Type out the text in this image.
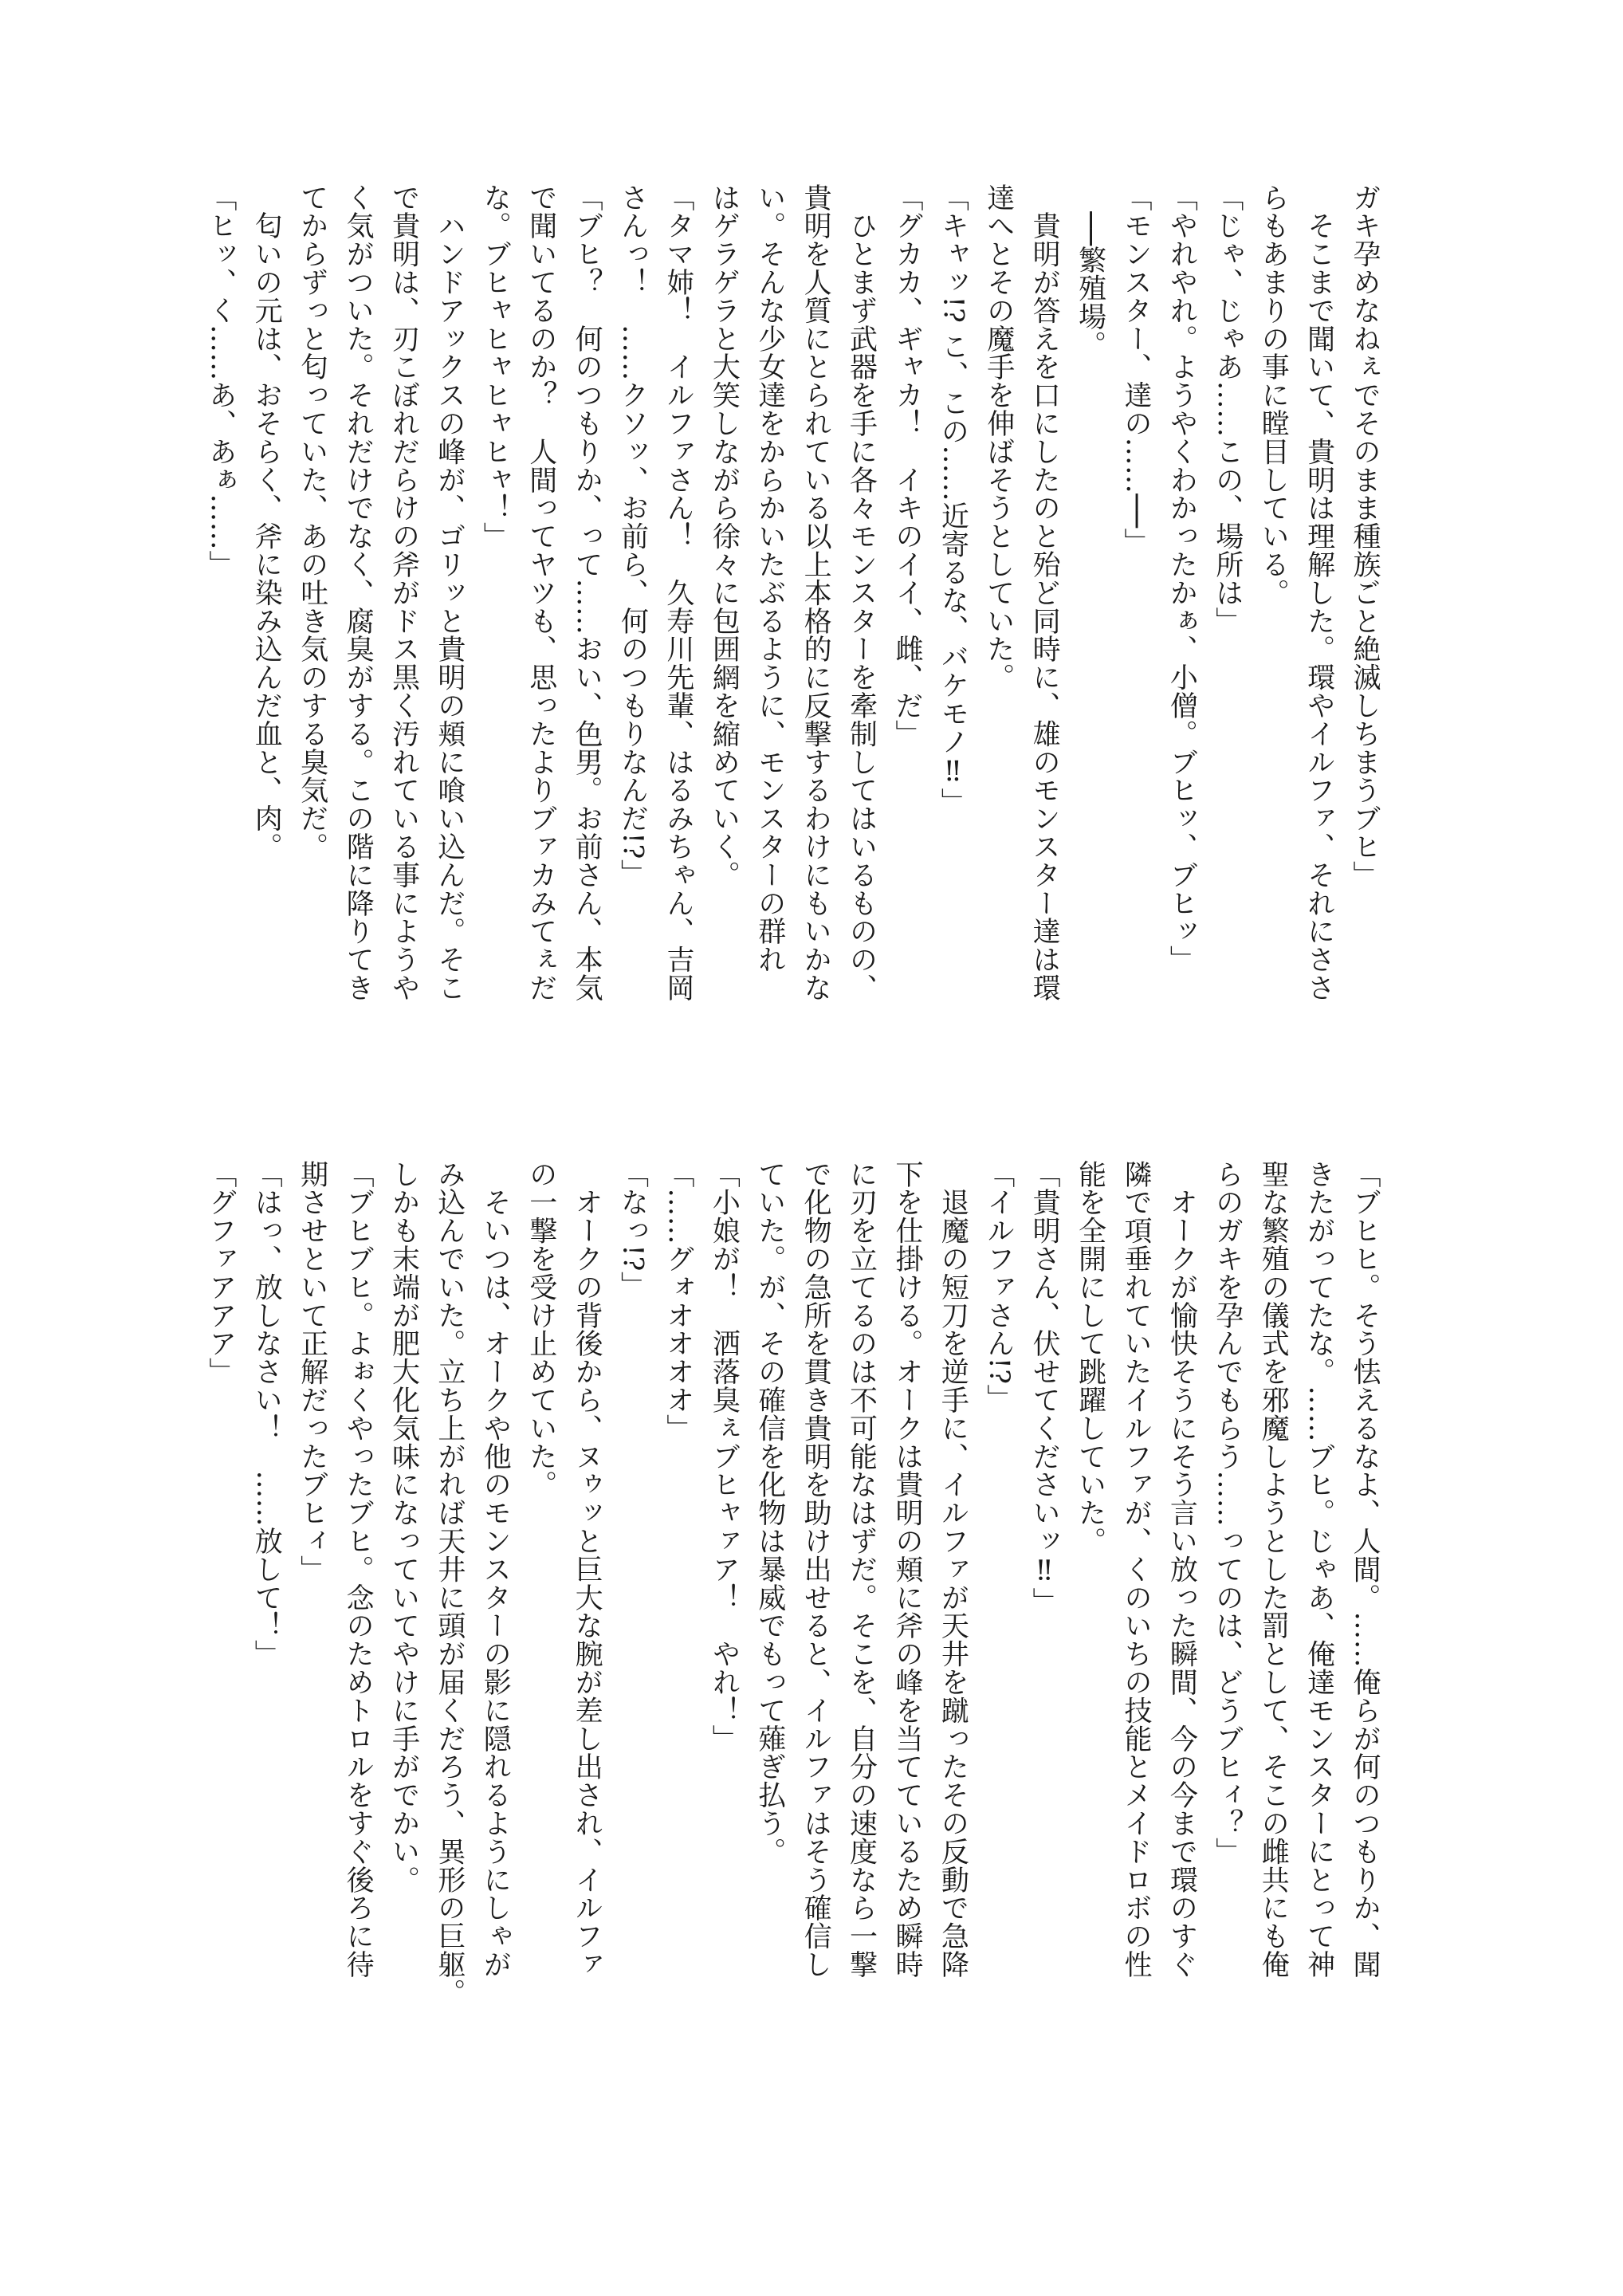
ガキ孕めなねぇでそのまま種族ごと絶滅しちまうブヒ」
　そこまで聞いて、貴明は理解した。環やイルファ、それにささ
らもあまりの事に瞠目している。
「じゃ、じゃあ……この、場所は」
「やれやれ。ようやくわかったかぁ、小僧。ブヒッ、ブヒッ」
「モンスター、達の……──」
　──繁殖場。
　貴明が答えを口にしたのと殆ど同時に、雄のモンスター達は環
達へとその魔手を伸ばそうとしていた。
「キャッ!? こ、この……近寄るな、バケモノ‼」
「グカカ、ギャカ！　イキのイイ、雌、だ」
　ひとまず武器を手に各々モンスターを牽制してはいるものの、
貴明を人質にとられている以上本格的に反撃するわけにもいかな
い。そんな少女達をからかいたぶるように、モンスターの群れ
はゲラゲラと大笑しながら徐々に包囲網を縮めていく。
「タマ姉！　イルファさん！　久寿川先輩、はるみちゃん、吉岡
さんっ！　……クソッ、お前ら、何のつもりなんだ!?」
「ブヒ？　何のつもりか、って……おい、色男。お前さん、本気
で聞いてるのか？　人間ってヤツも、思ったよりブァカみてぇだ
な。ブヒャヒャヒャヒャ！」
　ハンドアックスの峰が、ゴリッと貴明の頬に喰い込んだ。そこ
で貴明は、刃こぼれだらけの斧がドス黒く汚れている事にようや
く気がついた。それだけでなく、腐臭がする。この階に降りてき
てからずっと匂っていた、あの吐き気のする臭気だ。
　匂いの元は、おそらく、斧に染み込んだ血と、肉。
「ヒッ、く……あ、あぁ……」
「ブヒヒ。そう怯えるなよ、人間。……俺らが何のつもりか、聞
きたがってたな。……ブヒ。じゃあ、俺達モンスターにとって神
聖な繁殖の儀式を邪魔しようとした罰として、そこの雌共にも俺
らのガキを孕んでもらう……ってのは、どうブヒィ？」
　オークが愉快そうにそう言い放った瞬間、今の今まで環のすぐ
隣で項垂れていたイルファが、くのいちの技能とメイドロボの性
能を全開にして跳躍していた。
「貴明さん、伏せてくださいッ‼」
「イルファさん!?」
　退魔の短刀を逆手に、イルファが天井を蹴ったその反動で急降
下を仕掛ける。オークは貴明の頬に斧の峰を当てているため瞬時
に刃を立てるのは不可能なはずだ。そこを、自分の速度なら一撃
で化物の急所を貫き貴明を助け出せると、イルファはそう確信し
ていた。が、その確信を化物は暴威でもって薙ぎ払う。
「小娘が！　洒落臭ぇブヒャァア！　やれ！」
「……グォオオオオ」
「なっ!?」
　オークの背後から、ヌゥッと巨大な腕が差し出され、イルファ
の一撃を受け止めていた。
　そいつは、オークや他のモンスターの影に隠れるようにしゃが
み込んでいた。立ち上がれば天井に頭が届くだろう、異形の巨躯。
しかも末端が肥大化気味になっていてやけに手がでかい。
「ブヒブヒ。よぉくやったブヒ。念のためトロルをすぐ後ろに待
期させといて正解だったブヒィ」
「はっ、放しなさい！　……放して！」
「グファアアア」
